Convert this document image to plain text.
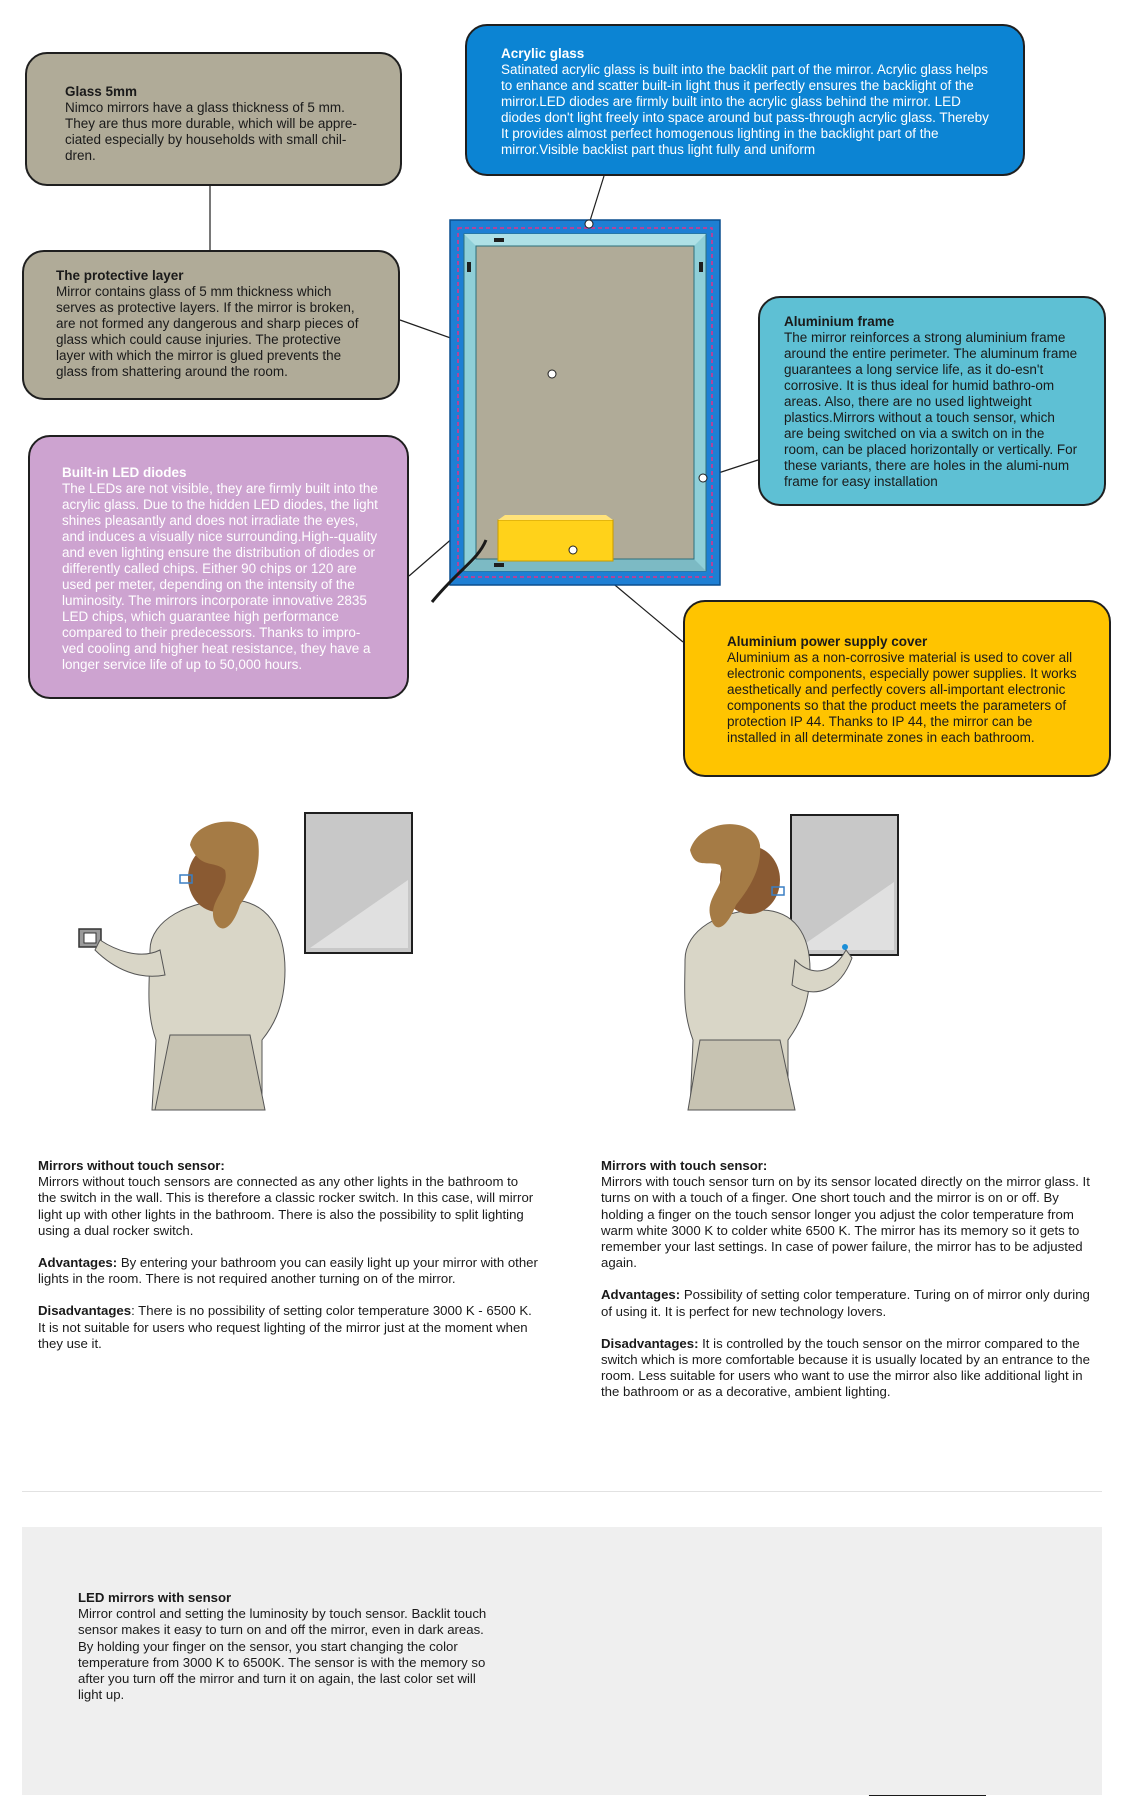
Glass 5mm
Nimco mirrors have a glass thickness of 5 mm. They are thus more durable, which will be appre-ciated especially by households with small chil-dren.
The protective layer
Mirror contains glass of 5 mm thickness which serves as protective layers. If the mirror is broken, are not formed any dangerous and sharp pieces of glass which could cause injuries. The protective layer with which the mirror is glued prevents the glass from shattering around the room.
Built-in LED diodes
The LEDs are not visible, they are firmly built into the acrylic glass. Due to the hidden LED diodes, the light shines pleasantly and does not irradiate the eyes, and induces a visually nice surrounding.High--quality and even lighting ensure the distribution of diodes or differently called chips. Either 90 chips or 120 are used per meter, depending on the intensity of the luminosity. The mirrors incorporate innovative 2835 LED chips, which guarantee high performance compared to their predecessors. Thanks to impro-ved cooling and higher heat resistance, they have a longer service life of up to 50,000 hours.
Acrylic glass
Satinated acrylic glass is built into the backlit part of the mirror. Acrylic glass helps to enhance and scatter built-in light thus it perfectly ensures the backlight of the mirror.LED diodes are firmly built into the acrylic glass behind the mirror. LED diodes don't light freely into space around but pass-through acrylic glass. Thereby It provides almost perfect homogenous lighting in the backlight part of the mirror.Visible backlist part thus light fully and uniform
Aluminium frame
The mirror reinforces a strong aluminium frame around the entire perimeter. The aluminum frame guarantees a long service life, as it do-esn't corrosive. It is thus ideal for humid bathro-om areas. Also, there are no used lightweight plastics.Mirrors without a touch sensor, which are being switched on via a switch on in the room, can be placed horizontally or vertically. For these variants, there are holes in the alumi-num frame for easy installation
Aluminium power supply cover
Aluminium as a non-corrosive material is used to cover all electronic components, especially power supplies. It works aesthetically and perfectly covers all-important electronic components so that the product meets the parameters of protection IP 44. Thanks to IP 44, the mirror can be installed in all determinate zones in each bathroom.

Mirrors without touch sensor:
Mirrors without touch sensors are connected as any other lights in the bathroom to the switch in the wall. This is therefore a classic rocker switch. In this case, will mirror light up with other lights in the bathroom. There is also the possibility to split lighting using a dual rocker switch.

Advantages: By entering your bathroom you can easily light up your mirror with other lights in the room. There is not required another turning on of the mirror.

Disadvantages: There is no possibility of setting color temperature 3000 K - 6500 K. It is not suitable for users who request lighting of the mirror just at the moment when they use it.

Mirrors with touch sensor:
Mirrors with touch sensor turn on by its sensor located directly on the mirror glass. It turns on with a touch of a finger. One short touch and the mirror is on or off. By holding a finger on the touch sensor longer you adjust the color temperature from warm white 3000 K to colder white 6500 K. The mirror has its memory so it gets to remember your last settings. In case of power failure, the mirror has to be adjusted again.

Advantages: Possibility of setting color temperature. Turing on of mirror only during of using it. It is perfect for new technology lovers.

Disadvantages: It is controlled by the touch sensor on the mirror compared to the switch which is more comfortable because it is usually located by an entrance to the room. Less suitable for users who want to use the mirror also like additional light in the bathroom or as a decorative, ambient lighting.

LED mirrors with sensor
Mirror control and setting the luminosity by touch sensor. Backlit touch sensor makes it easy to turn on and off the mirror, even in dark areas. By holding your finger on the sensor, you start changing the color temperature from 3000 K to 6500K. The sensor is with the memory so after you turn off the mirror and turn it on again, the last color set will light up.
